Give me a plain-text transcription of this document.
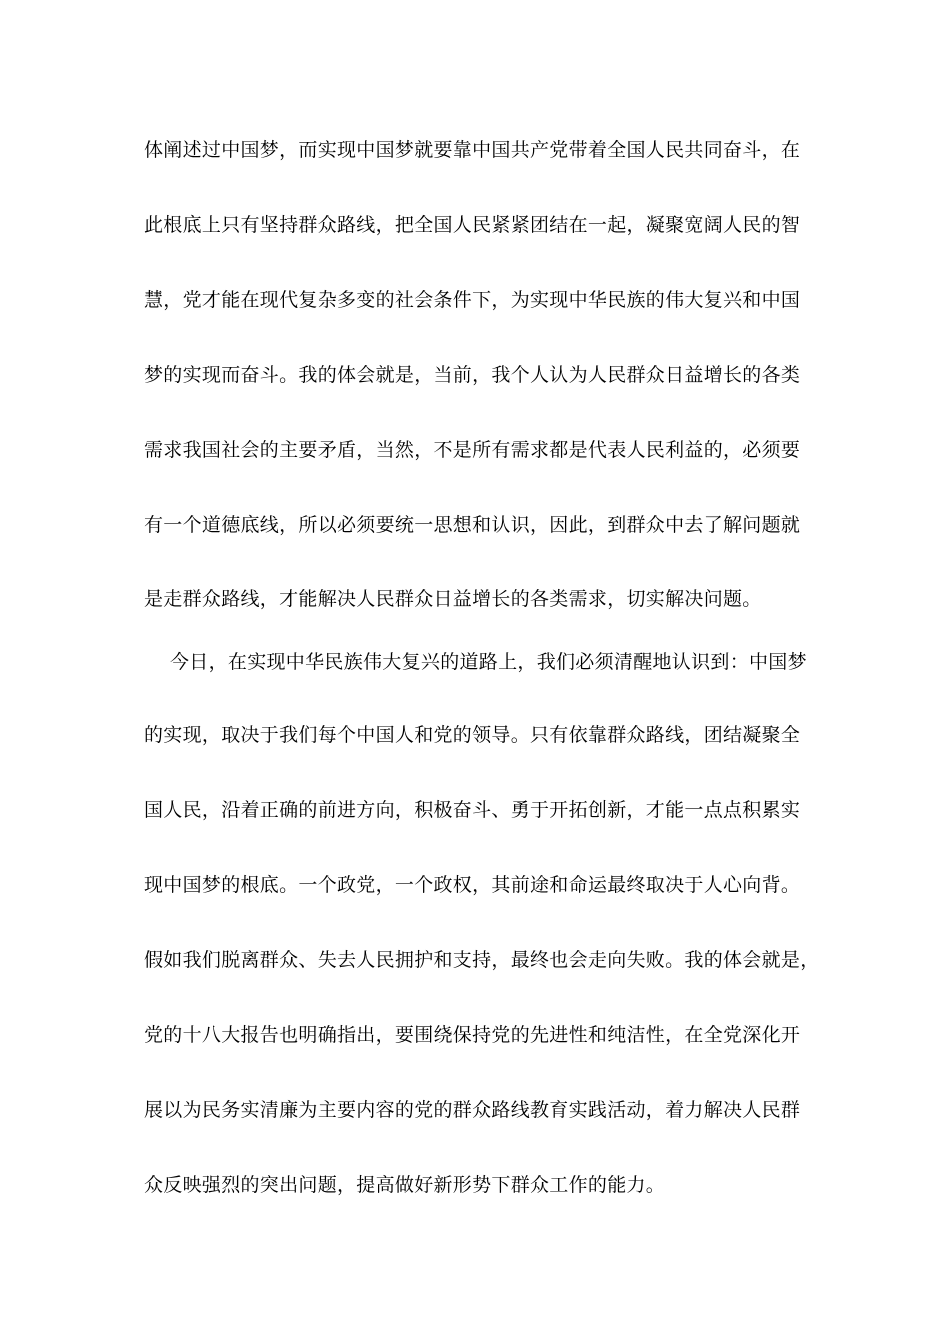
体阐述过中国梦，而实现中国梦就要靠中国共产党带着全国人民共同奋斗，在
此根底上只有坚持群众路线，把全国人民紧紧团结在一起，凝聚宽阔人民的智
慧，党才能在现代复杂多变的社会条件下，为实现中华民族的伟大复兴和中国
梦的实现而奋斗。我的体会就是，当前，我个人认为人民群众日益增长的各类
需求我国社会的主要矛盾，当然，不是所有需求都是代表人民利益的，必须要
有一个道德底线，所以必须要统一思想和认识，因此，到群众中去了解问题就
是走群众路线，才能解决人民群众日益增长的各类需求，切实解决问题。
今日，在实现中华民族伟大复兴的道路上，我们必须清醒地认识到：中国梦
的实现，取决于我们每个中国人和党的领导。只有依靠群众路线，团结凝聚全
国人民，沿着正确的前进方向，积极奋斗、勇于开拓创新，才能一点点积累实
现中国梦的根底。一个政党，一个政权，其前途和命运最终取决于人心向背。
假如我们脱离群众、失去人民拥护和支持，最终也会走向失败。我的体会就是，
党的十八大报告也明确指出，要围绕保持党的先进性和纯洁性，在全党深化开
展以为民务实清廉为主要内容的党的群众路线教育实践活动，着力解决人民群
众反映强烈的突出问题，提高做好新形势下群众工作的能力。
